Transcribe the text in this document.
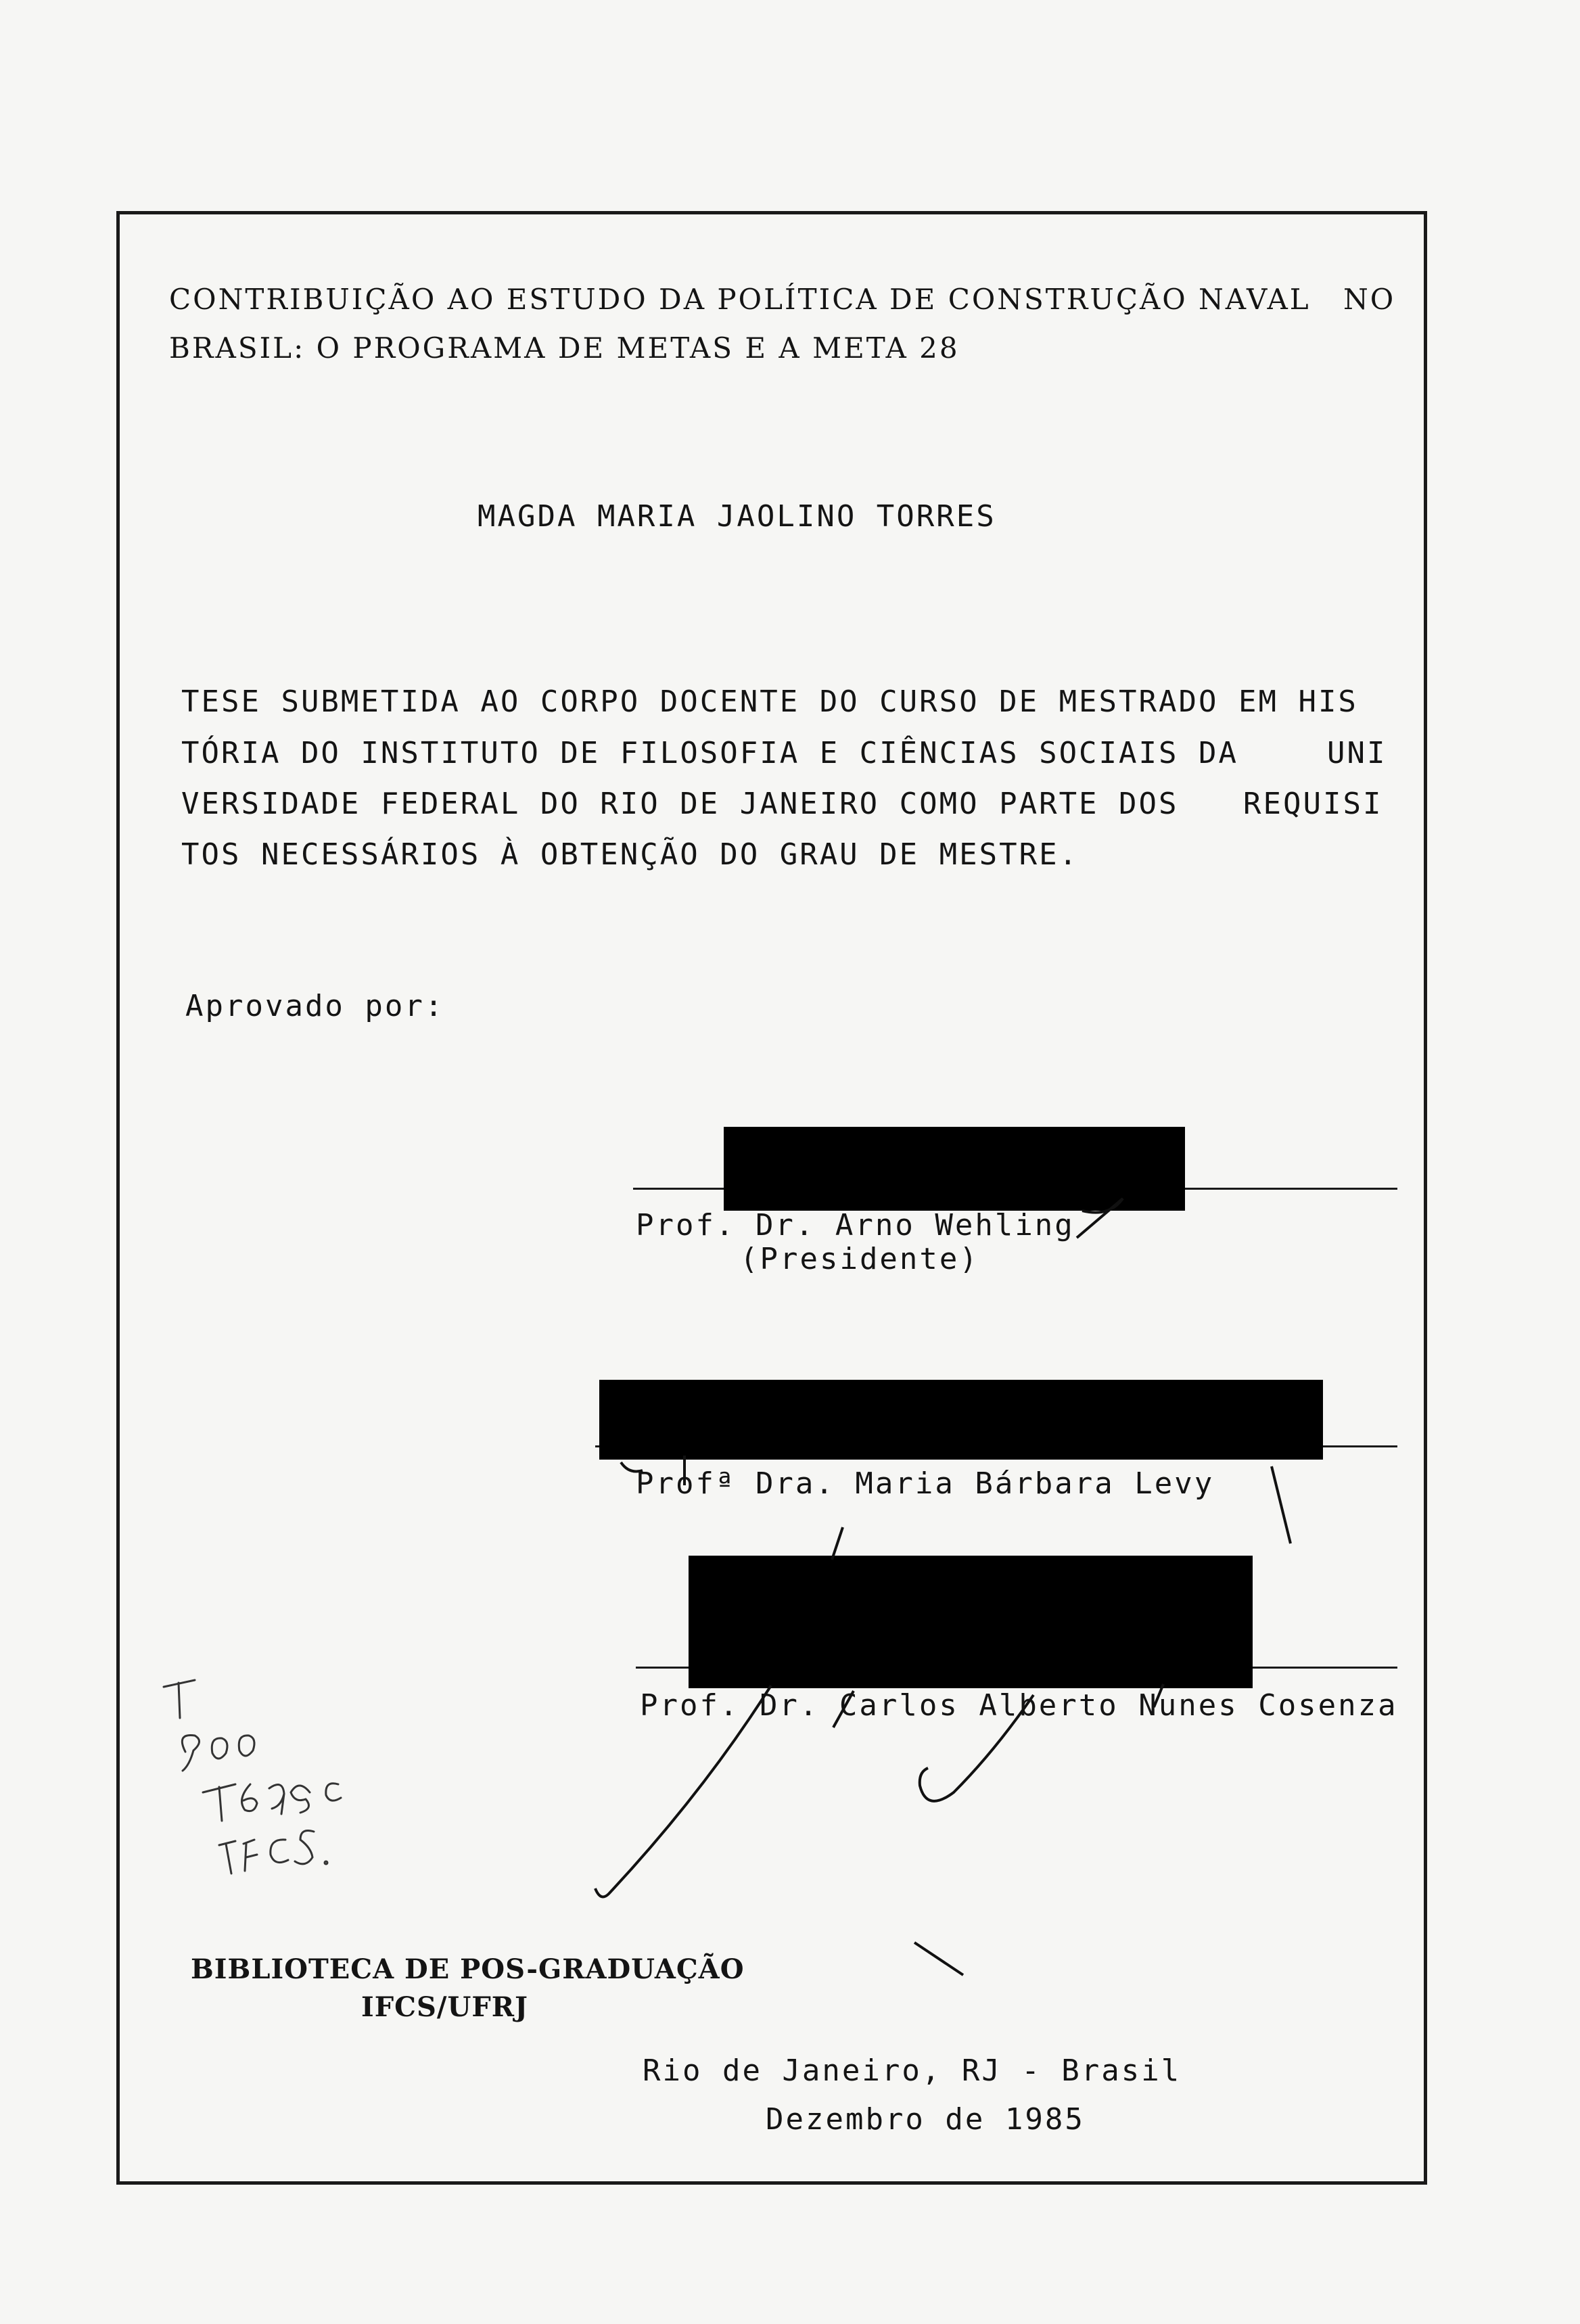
CONTRIBUIÇÃO AO ESTUDO DA POLÍTICA DE CONSTRUÇÃO NAVAL NO
BRASIL: O PROGRAMA DE METAS E A META 28
MAGDA MARIA JAOLINO TORRES
TESE SUBMETIDA AO CORPO DOCENTE DO CURSO DE MESTRADO EM HIS
TÓRIA DO INSTITUTO DE FILOSOFIA E CIÊNCIAS SOCIAIS DA	UNI
VERSIDADE FEDERAL DO RIO DE JANEIRO COMO PARTE DOS REQUISI
TOS NECESSÁRIOS À OBTENÇÃO DO GRAU DE MESTRE.
Aprovado por:
Prof. Dr. Arno Wehling
(Presidente)
Profª Dra. Maria Bárbara Levy
Prof. Dr. Carlos Alberto Nunes Cosenza
BIBLIOTECA DE POS-GRADUAÇÃO
IFCS/UFRJ
Rio de Janeiro, RJ - Brasil
Dezembro de 1985
